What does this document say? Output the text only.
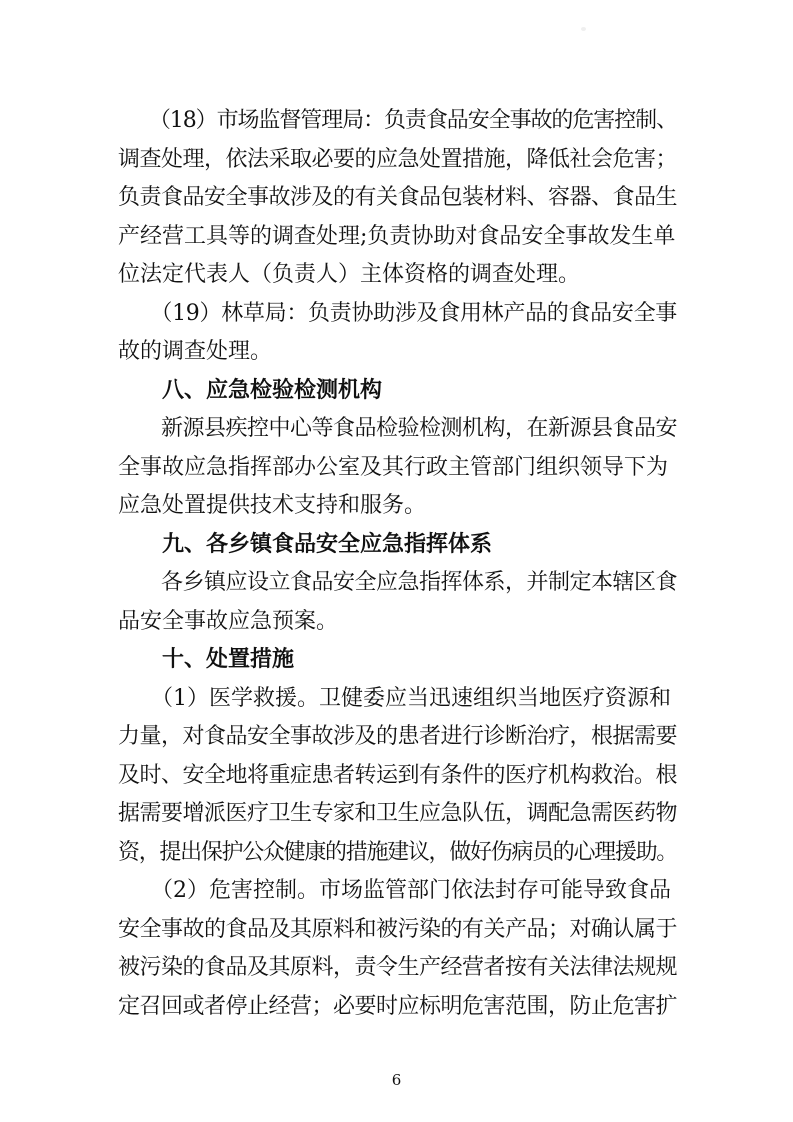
　　（18）市场监督管理局：负责食品安全事故的危害控制、
调查处理，依法采取必要的应急处置措施，降低社会危害；
负责食品安全事故涉及的有关食品包装材料、容器、食品生
产经营工具等的调查处理;负责协助对食品安全事故发生单
位法定代表人（负责人）主体资格的调查处理。
　　（19）林草局：负责协助涉及食用林产品的食品安全事
故的调查处理。
　　八、应急检验检测机构
　　新源县疾控中心等食品检验检测机构，在新源县食品安
全事故应急指挥部办公室及其行政主管部门组织领导下为
应急处置提供技术支持和服务。
　　九、各乡镇食品安全应急指挥体系
　　各乡镇应设立食品安全应急指挥体系，并制定本辖区食
品安全事故应急预案。
　　十、处置措施
　　（1）医学救援。卫健委应当迅速组织当地医疗资源和
力量，对食品安全事故涉及的患者进行诊断治疗，根据需要
及时、安全地将重症患者转运到有条件的医疗机构救治。根
据需要增派医疗卫生专家和卫生应急队伍，调配急需医药物
资，提出保护公众健康的措施建议，做好伤病员的心理援助。
　　（2）危害控制。市场监管部门依法封存可能导致食品
安全事故的食品及其原料和被污染的有关产品；对确认属于
被污染的食品及其原料，责令生产经营者按有关法律法规规
定召回或者停止经营；必要时应标明危害范围，防止危害扩
6
